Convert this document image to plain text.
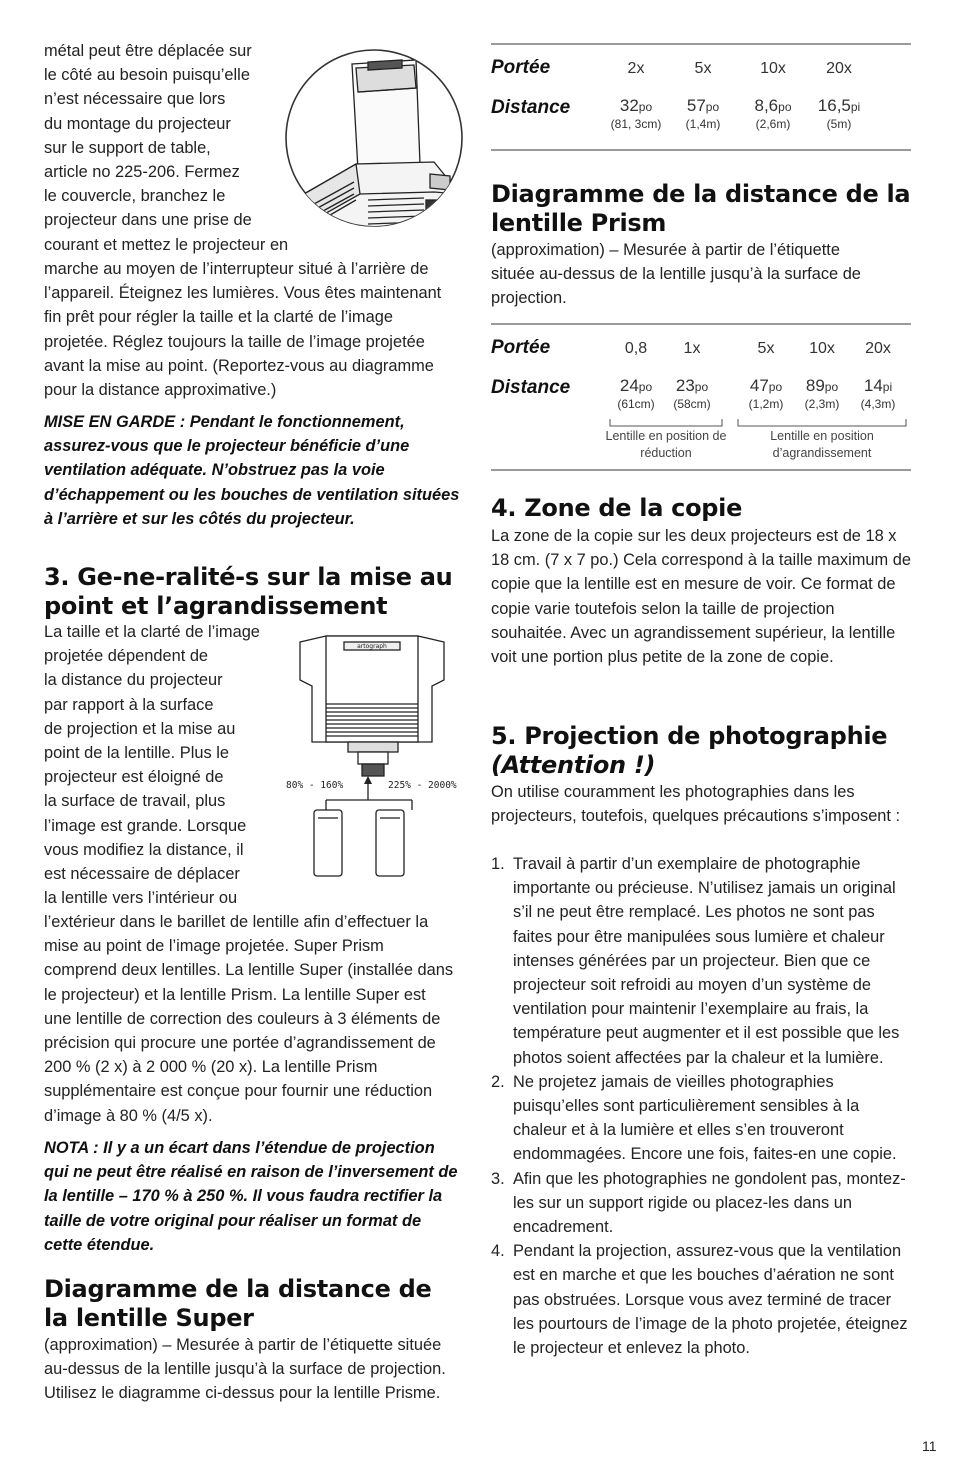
métal peut être déplacée sur

le côté au besoin puisqu’elle

n’est nécessaire que lors

du montage du projecteur

sur le support de table,

article no 225-206. Fermez

le couvercle, branchez le

projecteur dans une prise de

courant et mettez le projecteur en

marche au moyen de l’interrupteur situé à l’arrière de l’appareil. Éteignez les lumières. Vous êtes maintenant fin prêt pour régler la taille et la clarté de l’image projetée. Réglez toujours la taille de l’image projetée avant la mise au point. (Reportez-vous au diagramme pour la distance approximative.)

MISE EN GARDE : Pendant le fonctionnement, assurez-vous que le projecteur bénéficie d’une ventilation adéquate. N’obstruez pas la voie d’échappement ou les bouches de ventilation situées à l’arrière et sur les côtés du projecteur.

3. Ge-ne-ralité-s sur la mise au point et l’agrandissement

La taille et la clarté de l’image

projetée dépendent de

la distance du projecteur

par rapport à la surface

de projection et la mise au

point de la lentille. Plus le

projecteur est éloigné de

la surface de travail, plus

l’image est grande. Lorsque

vous modifiez la distance, il

est nécessaire de déplacer

la lentille vers l’intérieur ou

artograph
80% - 160%	225% - 2000%

l’extérieur dans le barillet de lentille afin d’effectuer la mise au point de l’image projetée. Super Prism comprend deux lentilles. La lentille Super (installée dans le projecteur) et la lentille Prism. La lentille Super est une lentille de correction des couleurs à 3 éléments de précision qui procure une portée d’agrandissement de 200 % (2 x) à 2 000 % (20 x). La lentille Prism supplémentaire est conçue pour fournir une réduction d’image à 80 % (4/5 x).

NOTA : Il y a un écart dans l’étendue de projection qui ne peut être réalisé en raison de l’inversement de la lentille – 170 % à 250 %. Il vous faudra rectifier la taille de votre original pour réaliser un format de cette étendue.

Diagramme de la distance de la lentille Super

(approximation) – Mesurée à partir de l’étiquette située au-dessus de la lentille jusqu’à la surface de projection. Utilisez le diagramme ci-dessus pour la lentille Prisme.

Portée
Distance
2x
32po
(81, 3cm)
5x
57po
(1,4m)
10x
8,6po
(2,6m)
20x
16,5pi
(5m)
Diagramme de la distance de la lentille Prism

(approximation) – Mesurée à partir de l’étiquette située au-dessus de la lentille jusqu’à la surface de projection.

Portée
Distance
0,8
24po
(61cm)
1x
23po
(58cm)
5x
47po
(1,2m)
10x
89po
(2,3m)
20x
14pi
(4,3m)
Lentille en position de réduction
Lentille en position d’agrandissement
4. Zone de la copie

La zone de la copie sur les deux projecteurs est de 18 x 18 cm. (7 x 7 po.) Cela correspond à la taille maximum de copie que la lentille est en mesure de voir. Ce format de copie varie toutefois selon la taille de projection souhaitée. Avec un agrandissement supérieur, la lentille voit une portion plus petite de la zone de copie.

5. Projection de photographie
(Attention !)

On utilise couramment les photographies dans les projecteurs, toutefois, quelques précautions s’imposent :

1. Travail à partir d’un exemplaire de photographie importante ou précieuse. N’utilisez jamais un original s’il ne peut être remplacé. Les photos ne sont pas faites pour être manipulées sous lumière et chaleur intenses générées par un projecteur. Bien que ce projecteur soit refroidi au moyen d’un système de ventilation pour maintenir l’exemplaire au frais, la température peut augmenter et il est possible que les photos soient affectées par la chaleur et la lumière.
2. Ne projetez jamais de vieilles photographies puisqu’elles sont particulièrement sensibles à la chaleur et à la lumière et elles s’en trouveront endommagées. Encore une fois, faites-en une copie.
3. Afin que les photographies ne gondolent pas, montez-les sur un support rigide ou placez-les dans un encadrement.
4. Pendant la projection, assurez-vous que la ventilation est en marche et que les bouches d’aération ne sont pas obstruées. Lorsque vous avez terminé de tracer les pourtours de l’image de la photo projetée, éteignez le projecteur et enlevez la photo.
11
